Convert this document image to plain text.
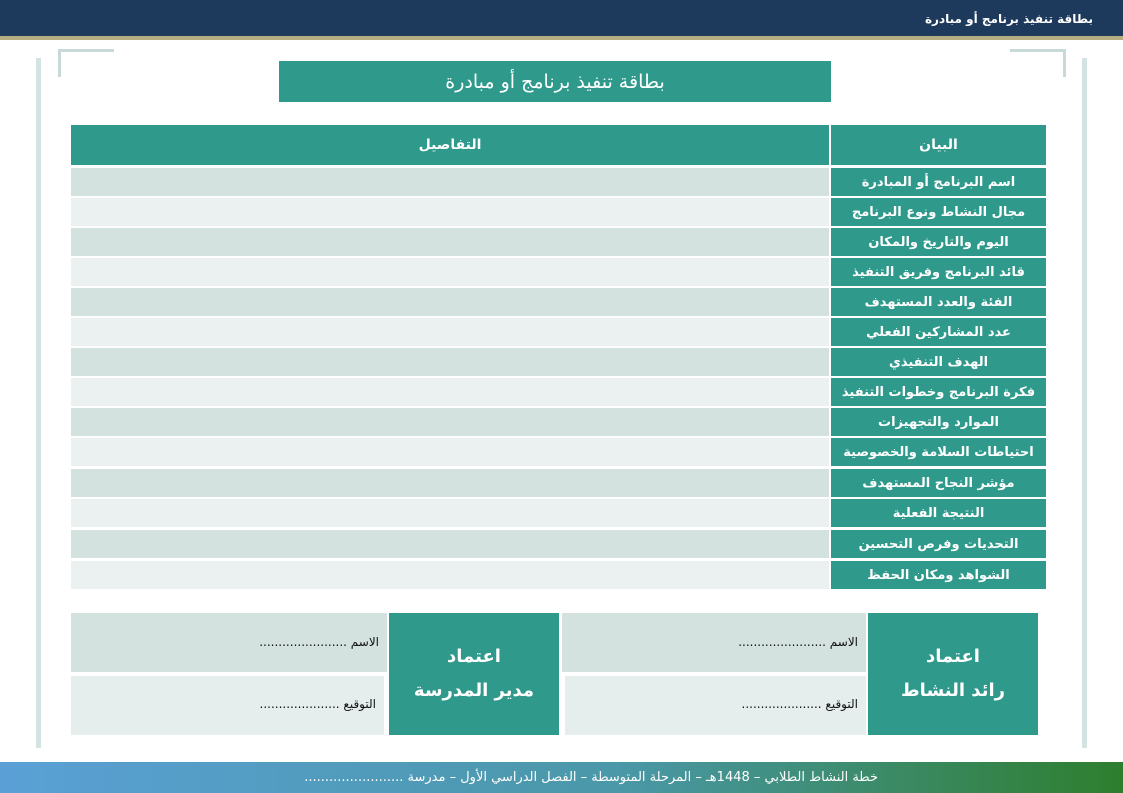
بطاقة تنفيذ برنامج أو مبادرة
بطاقة تنفيذ برنامج أو مبادرة
البيان
التفاصيل
اسم البرنامج أو المبادرة
مجال النشاط ونوع البرنامج
اليوم والتاريخ والمكان
قائد البرنامج وفريق التنفيذ
الفئة والعدد المستهدف
عدد المشاركين الفعلي
الهدف التنفيذي
فكرة البرنامج وخطوات التنفيذ
الموارد والتجهيزات
احتياطات السلامة والخصوصية
مؤشر النجاح المستهدف
النتيجة الفعلية
التحديات وفرص التحسين
الشواهد ومكان الحفظ
اعتماد
رائد النشاط
الاسم .......................
التوقيع .....................
اعتماد
مدير المدرسة
الاسم .......................
التوقيع .....................
خطة النشاط الطلابي – 1448هـ – المرحلة المتوسطة – الفصل الدراسي الأول – مدرسة ........................
